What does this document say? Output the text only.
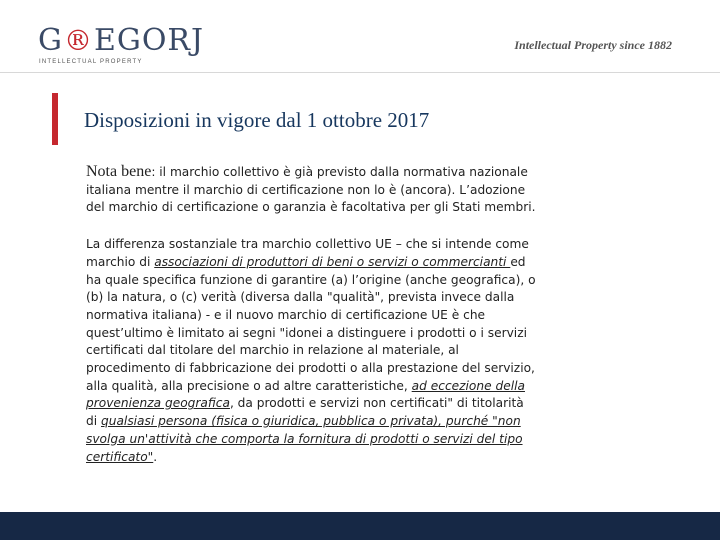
G ® EGORJ
INTELLECTUAL PROPERTY
Intellectual Property since 1882
Disposizioni in vigore dal 1 ottobre 2017
Nota bene: il marchio collettivo è già previsto dalla normativa nazionale italiana mentre il marchio di certificazione non lo è (ancora). L’adozione del marchio di certificazione o garanzia è facoltativa per gli Stati membri.
La differenza sostanziale tra marchio collettivo UE – che si intende come marchio di associazioni di produttori di beni o servizi o commercianti ed ha quale specifica funzione di garantire (a) l’origine (anche geografica), o (b) la natura, o (c) verità (diversa dalla "qualità", prevista invece dalla normativa italiana) - e il nuovo marchio di certificazione UE è che quest’ultimo è limitato ai segni "idonei a distinguere i prodotti o i servizi certificati dal titolare del marchio in relazione al materiale, al procedimento di fabbricazione dei prodotti o alla prestazione del servizio, alla qualità, alla precisione o ad altre caratteristiche, ad eccezione della provenienza geografica, da prodotti e servizi non certificati" di titolarità di qualsiasi persona (fisica o giuridica, pubblica o privata), purché "non svolga un'attività che comporta la fornitura di prodotti o servizi del tipo certificato".
